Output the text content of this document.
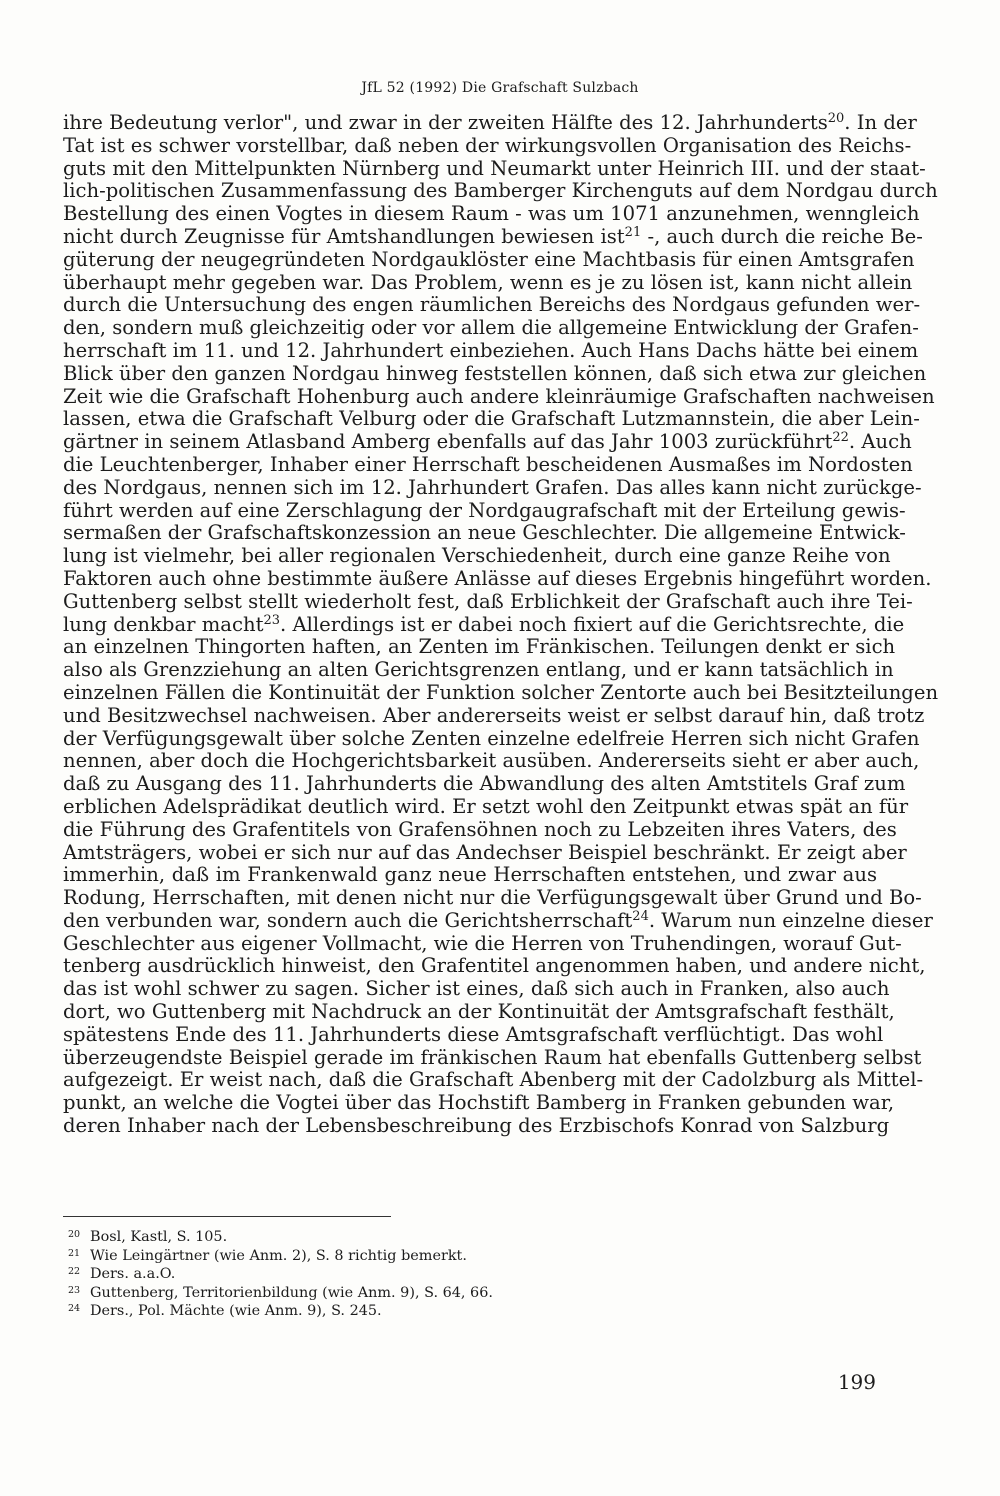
JfL 52 (1992) Die Grafschaft Sulzbach
ihre Bedeutung verlor", und zwar in der zweiten Hälfte des 12. Jahrhunderts$^{20}$. In der
Tat ist es schwer vorstellbar, daß neben der wirkungsvollen Organisation des Reichs-
guts mit den Mittelpunkten Nürnberg und Neumarkt unter Heinrich III. und der staat-
lich-politischen Zusammenfassung des Bamberger Kirchenguts auf dem Nordgau durch
Bestellung des einen Vogtes in diesem Raum - was um 1071 anzunehmen, wenngleich
nicht durch Zeugnisse für Amtshandlungen bewiesen ist$^{21}$ -, auch durch die reiche Be-
güterung der neugegründeten Nordgauklöster eine Machtbasis für einen Amtsgrafen
überhaupt mehr gegeben war. Das Problem, wenn es je zu lösen ist, kann nicht allein
durch die Untersuchung des engen räumlichen Bereichs des Nordgaus gefunden wer-
den, sondern muß gleichzeitig oder vor allem die allgemeine Entwicklung der Grafen-
herrschaft im 11. und 12. Jahrhundert einbeziehen. Auch Hans Dachs hätte bei einem
Blick über den ganzen Nordgau hinweg feststellen können, daß sich etwa zur gleichen
Zeit wie die Grafschaft Hohenburg auch andere kleinräumige Grafschaften nachweisen
lassen, etwa die Grafschaft Velburg oder die Grafschaft Lutzmannstein, die aber Lein-
gärtner in seinem Atlasband Amberg ebenfalls auf das Jahr 1003 zurückführt$^{22}$. Auch
die Leuchtenberger, Inhaber einer Herrschaft bescheidenen Ausmaßes im Nordosten
des Nordgaus, nennen sich im 12. Jahrhundert Grafen. Das alles kann nicht zurückge-
führt werden auf eine Zerschlagung der Nordgaugrafschaft mit der Erteilung gewis-
sermaßen der Grafschaftskonzession an neue Geschlechter. Die allgemeine Entwick-
lung ist vielmehr, bei aller regionalen Verschiedenheit, durch eine ganze Reihe von
Faktoren auch ohne bestimmte äußere Anlässe auf dieses Ergebnis hingeführt worden.
Guttenberg selbst stellt wiederholt fest, daß Erblichkeit der Grafschaft auch ihre Tei-
lung denkbar macht$^{23}$. Allerdings ist er dabei noch fixiert auf die Gerichtsrechte, die
an einzelnen Thingorten haften, an Zenten im Fränkischen. Teilungen denkt er sich
also als Grenzziehung an alten Gerichtsgrenzen entlang, und er kann tatsächlich in
einzelnen Fällen die Kontinuität der Funktion solcher Zentorte auch bei Besitzteilungen
und Besitzwechsel nachweisen. Aber andererseits weist er selbst darauf hin, daß trotz
der Verfügungsgewalt über solche Zenten einzelne edelfreie Herren sich nicht Grafen
nennen, aber doch die Hochgerichtsbarkeit ausüben. Andererseits sieht er aber auch,
daß zu Ausgang des 11. Jahrhunderts die Abwandlung des alten Amtstitels Graf zum
erblichen Adelsprädikat deutlich wird. Er setzt wohl den Zeitpunkt etwas spät an für
die Führung des Grafentitels von Grafensöhnen noch zu Lebzeiten ihres Vaters, des
Amtsträgers, wobei er sich nur auf das Andechser Beispiel beschränkt. Er zeigt aber
immerhin, daß im Frankenwald ganz neue Herrschaften entstehen, und zwar aus
Rodung, Herrschaften, mit denen nicht nur die Verfügungsgewalt über Grund und Bo-
den verbunden war, sondern auch die Gerichtsherrschaft$^{24}$. Warum nun einzelne dieser
Geschlechter aus eigener Vollmacht, wie die Herren von Truhendingen, worauf Gut-
tenberg ausdrücklich hinweist, den Grafentitel angenommen haben, und andere nicht,
das ist wohl schwer zu sagen. Sicher ist eines, daß sich auch in Franken, also auch
dort, wo Guttenberg mit Nachdruck an der Kontinuität der Amtsgrafschaft festhält,
spätestens Ende des 11. Jahrhunderts diese Amtsgrafschaft verflüchtigt. Das wohl
überzeugendste Beispiel gerade im fränkischen Raum hat ebenfalls Guttenberg selbst
aufgezeigt. Er weist nach, daß die Grafschaft Abenberg mit der Cadolzburg als Mittel-
punkt, an welche die Vogtei über das Hochstift Bamberg in Franken gebunden war,
deren Inhaber nach der Lebensbeschreibung des Erzbischofs Konrad von Salzburg
20 Bosl, Kastl, S. 105.
21 Wie Leingärtner (wie Anm. 2), S. 8 richtig bemerkt.
22 Ders. a.a.O.
23 Guttenberg, Territorienbildung (wie Anm. 9), S. 64, 66.
24 Ders., Pol. Mächte (wie Anm. 9), S. 245.
199
